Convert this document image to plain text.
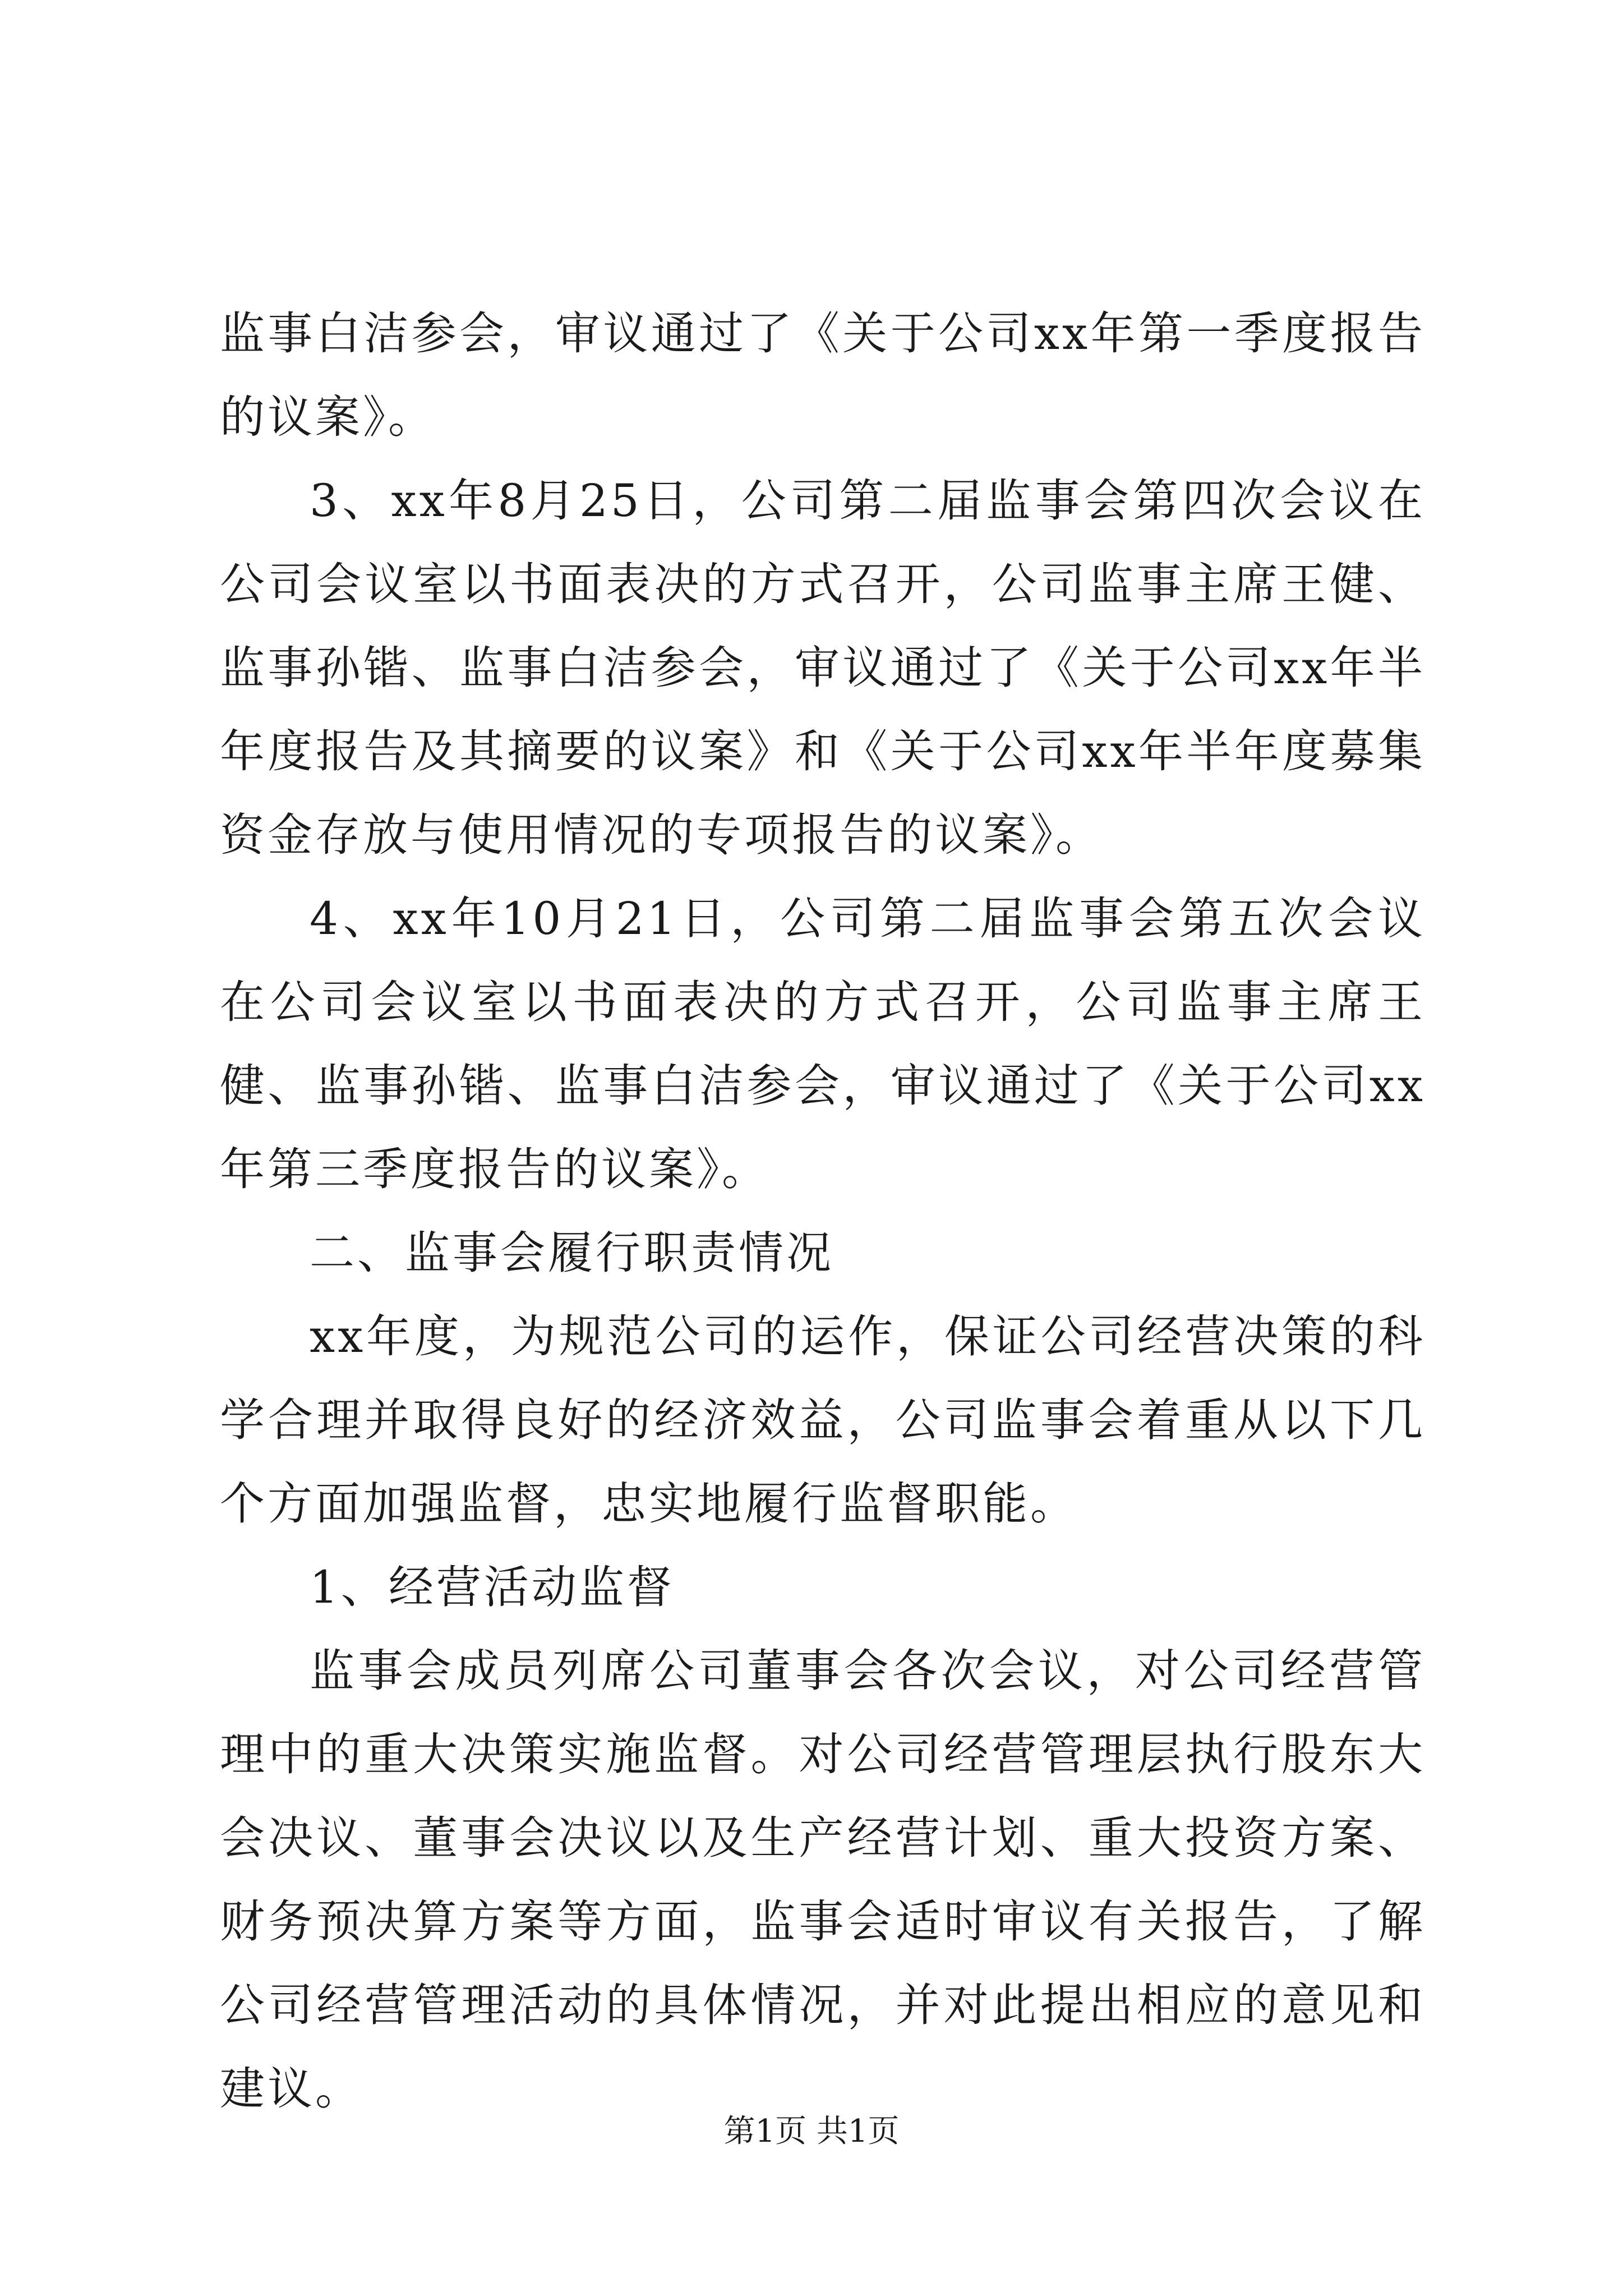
监事白洁参会，审议通过了《关于公司xx年第一季度报告的议案》。

3、xx年8月25日，公司第二届监事会第四次会议在公司会议室以书面表决的方式召开，公司监事主席王健、监事孙锴、监事白洁参会，审议通过了《关于公司xx年半年度报告及其摘要的议案》和《关于公司xx年半年度募集资金存放与使用情况的专项报告的议案》。

4、xx年10月21日，公司第二届监事会第五次会议在公司会议室以书面表决的方式召开，公司监事主席王健、监事孙锴、监事白洁参会，审议通过了《关于公司xx年第三季度报告的议案》。

二、监事会履行职责情况

xx年度，为规范公司的运作，保证公司经营决策的科学合理并取得良好的经济效益，公司监事会着重从以下几个方面加强监督，忠实地履行监督职能。

1、经营活动监督

监事会成员列席公司董事会各次会议，对公司经营管理中的重大决策实施监督。对公司经营管理层执行股东大会决议、董事会决议以及生产经营计划、重大投资方案、财务预决算方案等方面，监事会适时审议有关报告，了解公司经营管理活动的具体情况，并对此提出相应的意见和建议。

第1页 共1页
